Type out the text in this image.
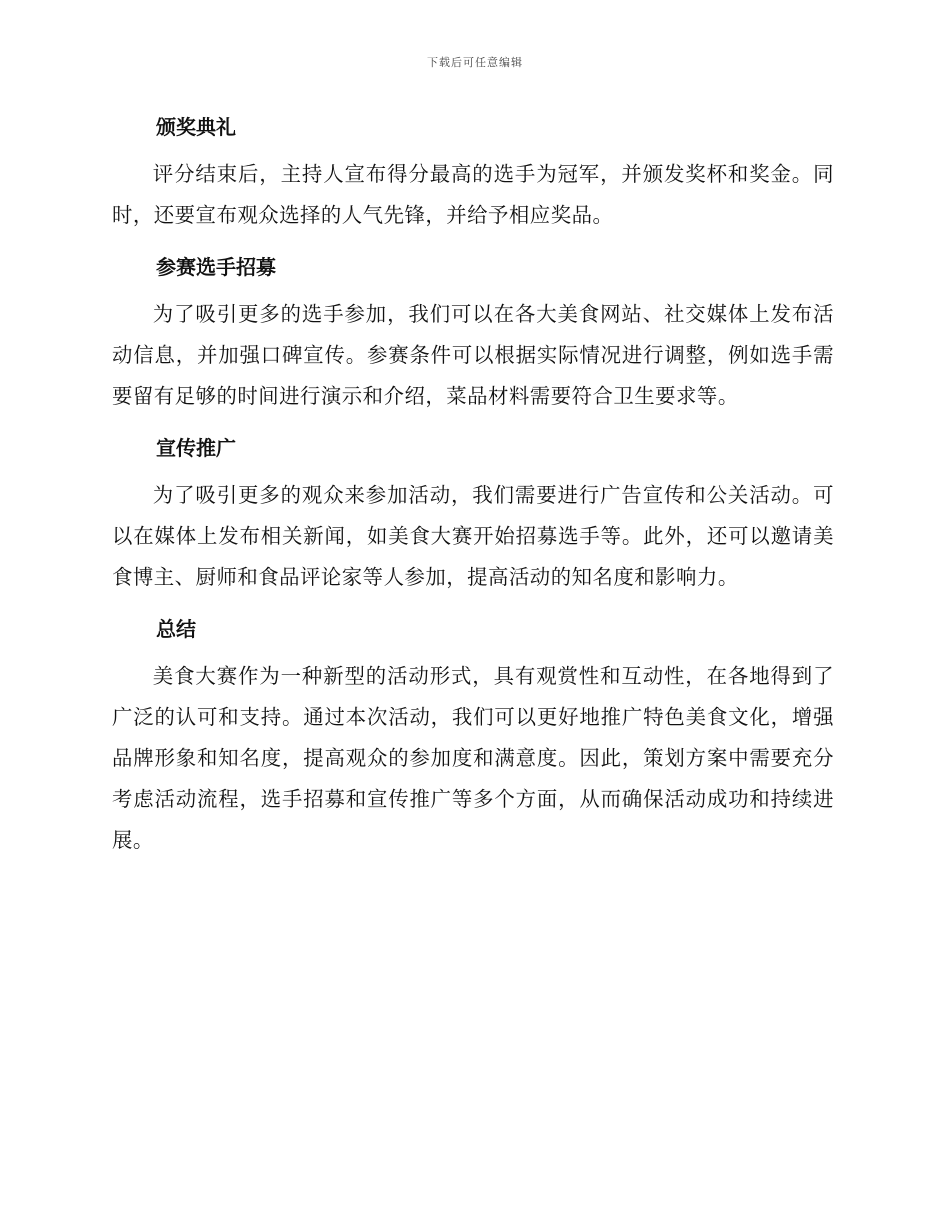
下载后可任意编辑
颁奖典礼

评分结束后，主持人宣布得分最高的选手为冠军，并颁发奖杯和奖金。同时，还要宣布观众选择的人气先锋，并给予相应奖品。

参赛选手招募

为了吸引更多的选手参加，我们可以在各大美食网站、社交媒体上发布活动信息，并加强口碑宣传。参赛条件可以根据实际情况进行调整，例如选手需要留有足够的时间进行演示和介绍，菜品材料需要符合卫生要求等。

宣传推广

为了吸引更多的观众来参加活动，我们需要进行广告宣传和公关活动。可以在媒体上发布相关新闻，如美食大赛开始招募选手等。此外，还可以邀请美食博主、厨师和食品评论家等人参加，提高活动的知名度和影响力。

总结

美食大赛作为一种新型的活动形式，具有观赏性和互动性，在各地得到了广泛的认可和支持。通过本次活动，我们可以更好地推广特色美食文化，增强品牌形象和知名度，提高观众的参加度和满意度。因此，策划方案中需要充分考虑活动流程，选手招募和宣传推广等多个方面，从而确保活动成功和持续进展。
